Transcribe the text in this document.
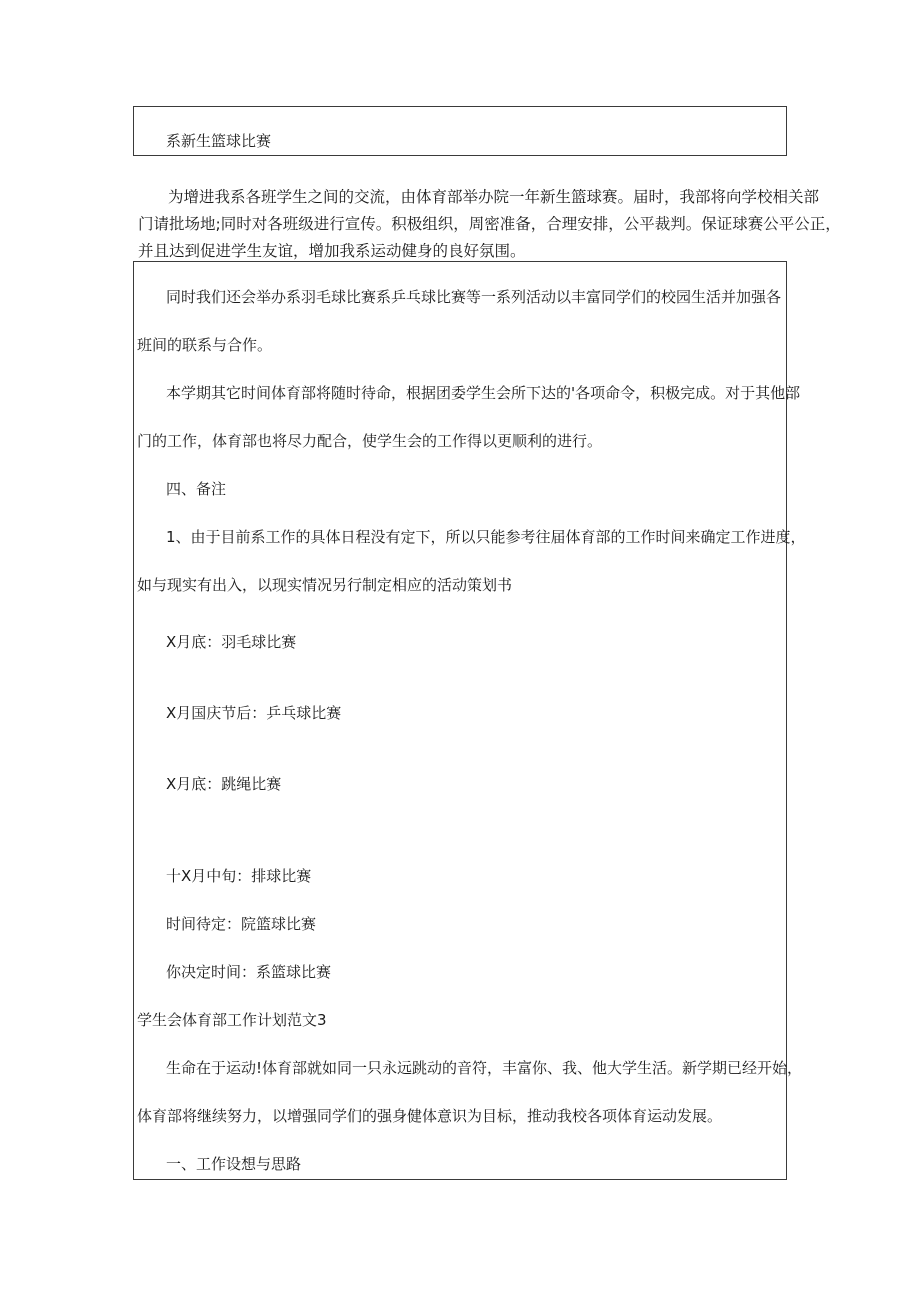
系新生篮球比赛

为增进我系各班学生之间的交流，由体育部举办院一年新生篮球赛。届时，我部将向学校相关部
门请批场地;同时对各班级进行宣传。积极组织，周密准备，合理安排，公平裁判。保证球赛公平公正，
并且达到促进学生友谊，增加我系运动健身的良好氛围。

同时我们还会举办系羽毛球比赛系乒乓球比赛等一系列活动以丰富同学们的校园生活并加强各

班间的联系与合作。

本学期其它时间体育部将随时待命，根据团委学生会所下达的'各项命令，积极完成。对于其他部

门的工作，体育部也将尽力配合，使学生会的工作得以更顺利的进行。

四、备注

1、由于目前系工作的具体日程没有定下，所以只能参考往届体育部的工作时间来确定工作进度，

如与现实有出入，以现实情况另行制定相应的活动策划书

X月底：羽毛球比赛

X月国庆节后：乒乓球比赛

X月底：跳绳比赛

十X月中旬：排球比赛

时间待定：院篮球比赛

你决定时间：系篮球比赛

学生会体育部工作计划范文3

生命在于运动!体育部就如同一只永远跳动的音符，丰富你、我、他大学生活。新学期已经开始，

体育部将继续努力，以增强同学们的强身健体意识为目标，推动我校各项体育运动发展。

一、工作设想与思路
